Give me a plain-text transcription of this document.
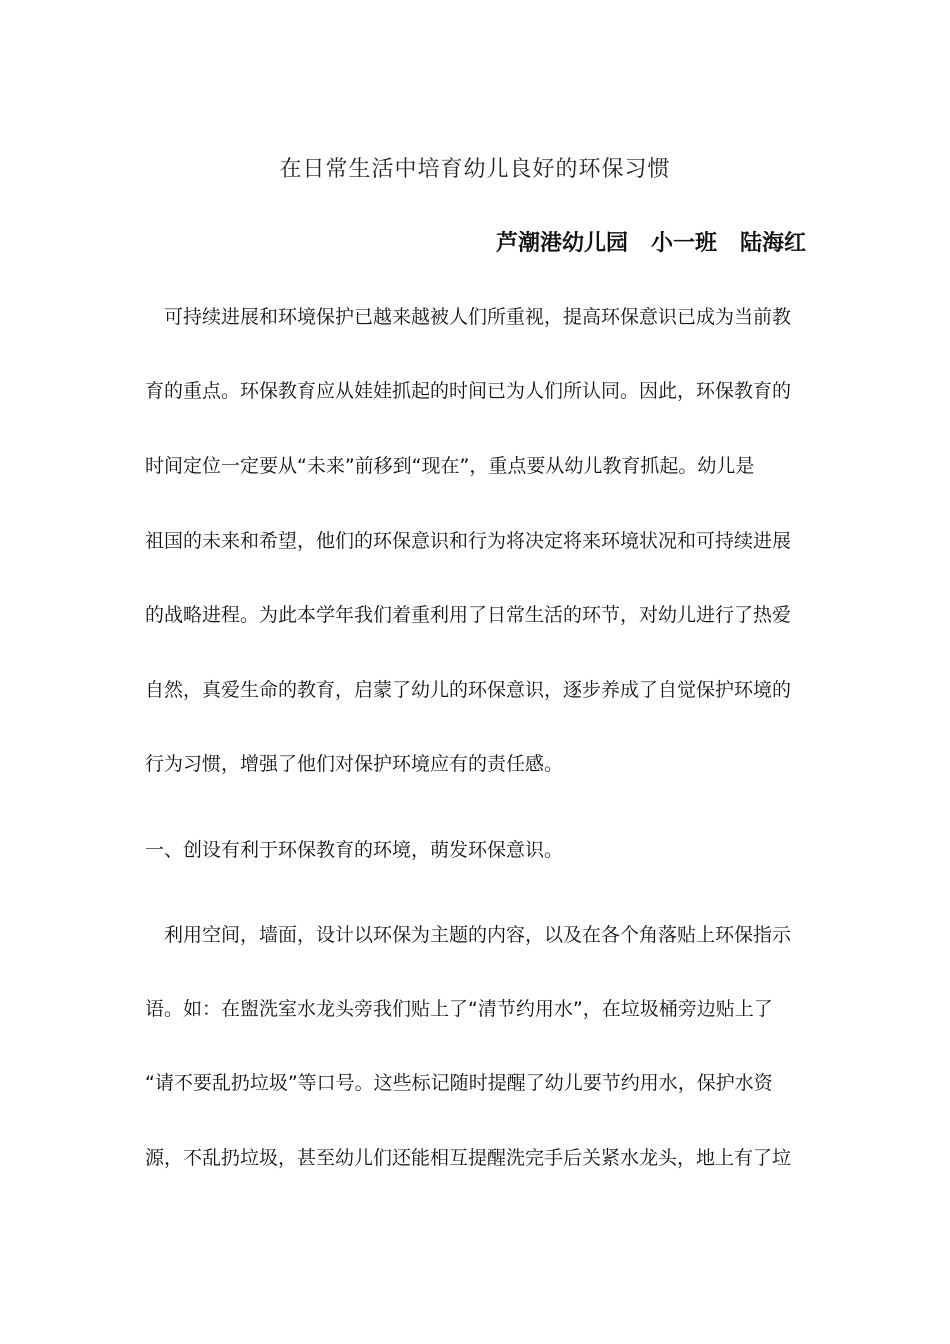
在日常生活中培育幼儿良好的环保习惯
芦潮港幼儿园   小一班   陆海红
　可持续进展和环境保护已越来越被人们所重视，提高环保意识已成为当前教
育的重点。环保教育应从娃娃抓起的时间已为人们所认同。因此，环保教育的
时间定位一定要从“未来”前移到“现在”，重点要从幼儿教育抓起。幼儿是
祖国的未来和希望，他们的环保意识和行为将决定将来环境状况和可持续进展
的战略进程。为此本学年我们着重利用了日常生活的环节，对幼儿进行了热爱
自然，真爱生命的教育，启蒙了幼儿的环保意识，逐步养成了自觉保护环境的
行为习惯，增强了他们对保护环境应有的责任感。
一、创设有利于环保教育的环境，萌发环保意识。
　利用空间，墙面，设计以环保为主题的内容，以及在各个角落贴上环保指示
语。如：在盥洗室水龙头旁我们贴上了“清节约用水”，在垃圾桶旁边贴上了
“请不要乱扔垃圾”等口号。这些标记随时提醒了幼儿要节约用水，保护水资
源，不乱扔垃圾，甚至幼儿们还能相互提醒洗完手后关紧水龙头，地上有了垃
